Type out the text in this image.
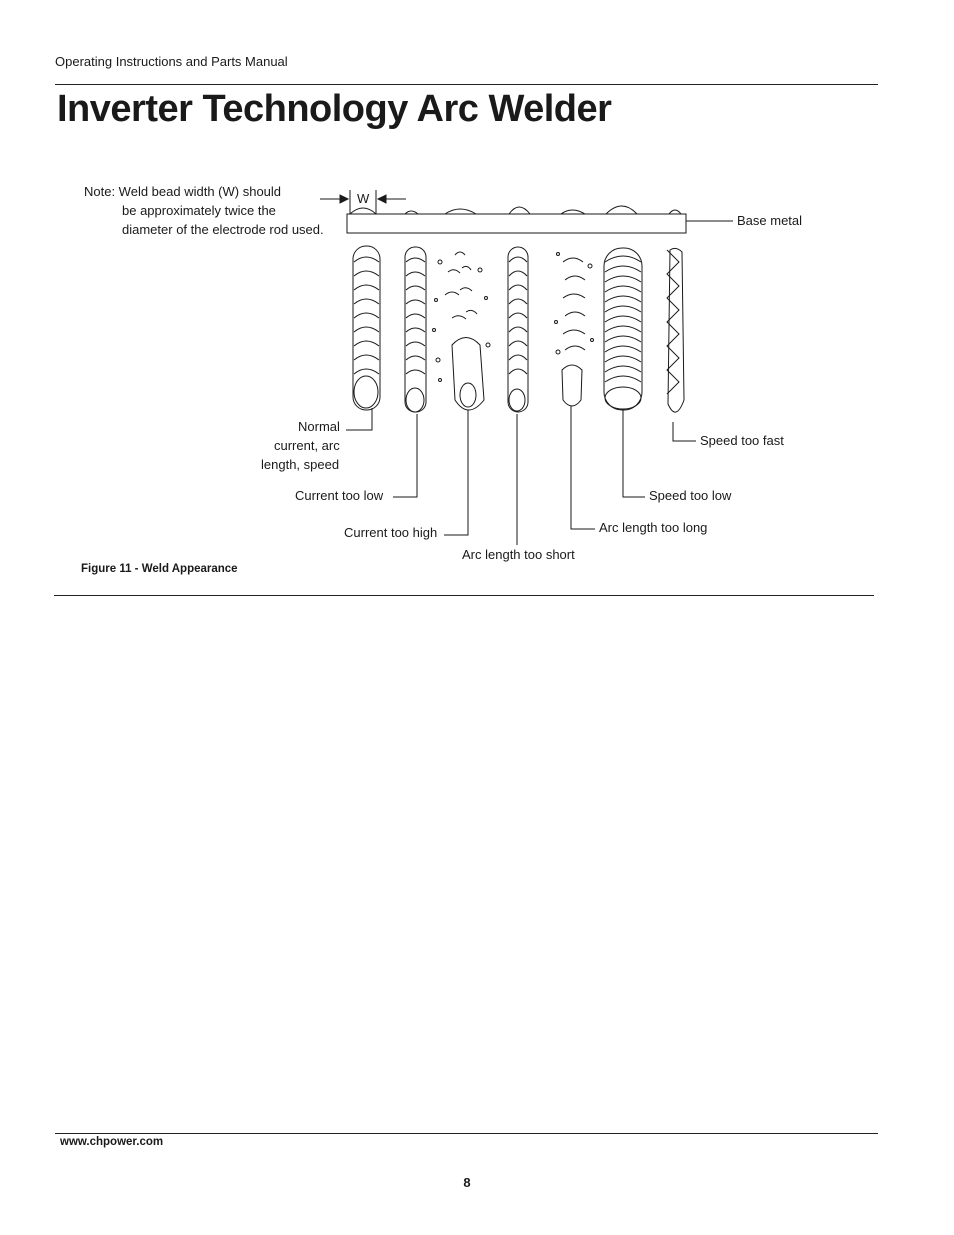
Operating Instructions and Parts Manual
Inverter Technology Arc Welder
Note: Weld bead width (W) should
be approximately twice the diameter of the electrode rod used.
W
Base metal
Normal
current, arc
length, speed
Current too low
Current too high
Arc length too short
Arc length too long
Speed too low
Speed too fast
Figure 11 - Weld Appearance
www.chpower.com
8
